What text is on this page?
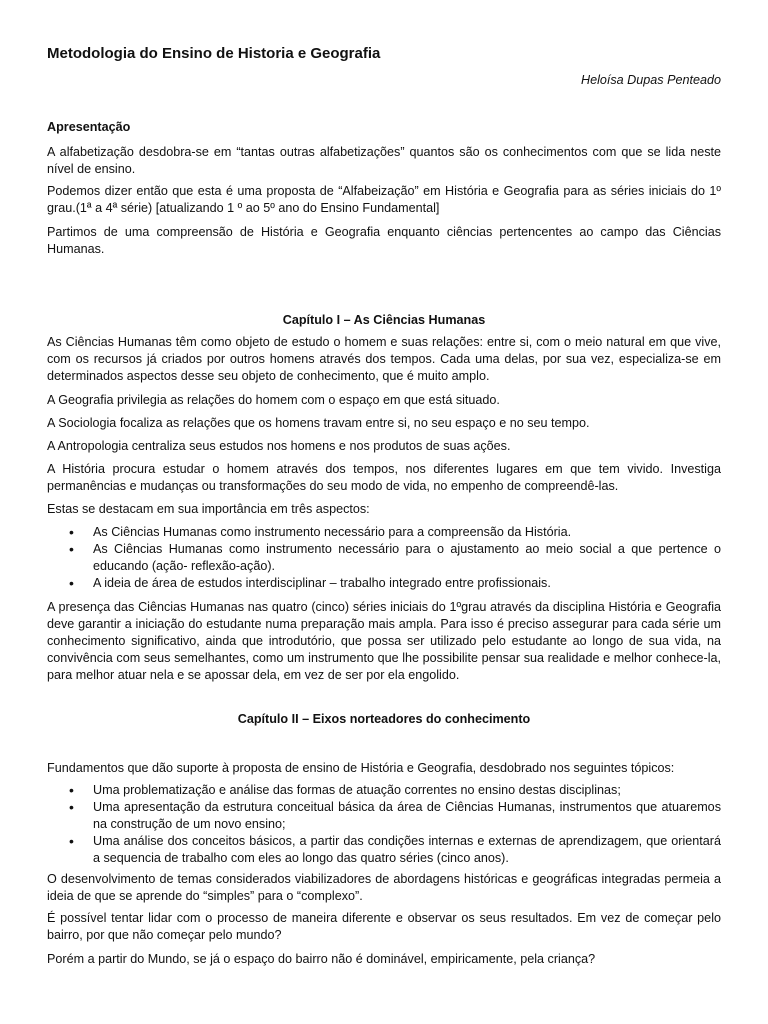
Metodologia do Ensino de Historia e Geografia

Heloísa Dupas Penteado

Apresentação

A alfabetização desdobra-se em “tantas outras alfabetizações” quantos são os conhecimentos com que se lida neste nível de ensino.

Podemos dizer então que esta é uma proposta de “Alfabeização” em História e Geografia para as séries iniciais do 1º grau.(1ª a 4ª série) [atualizando 1 º ao 5º ano do Ensino Fundamental]

Partimos de uma compreensão de História e Geografia enquanto ciências pertencentes ao campo das Ciências Humanas.

Capítulo I – As Ciências Humanas

As Ciências Humanas têm como objeto de estudo o homem e suas relações: entre si, com o meio natural em que vive, com os recursos já criados por outros homens através dos tempos. Cada uma delas, por sua vez, especializa-se em determinados aspectos desse seu objeto de conhecimento, que é muito amplo.

A Geografia privilegia as relações do homem com o espaço em que está situado.

A Sociologia focaliza as relações que os homens travam entre si, no seu espaço e no seu tempo.

A Antropologia centraliza seus estudos nos homens e nos produtos de suas ações.

A História procura estudar o homem através dos tempos, nos diferentes lugares em que tem vivido. Investiga permanências e mudanças ou transformações do seu modo de vida, no empenho de compreendê-las.

Estas se destacam em sua importância em três aspectos:

• As Ciências Humanas como instrumento necessário para a compreensão da História.
• As Ciências Humanas como instrumento necessário para o ajustamento ao meio social a que pertence o educando (ação- reflexão-ação).
• A ideia de área de estudos interdisciplinar – trabalho integrado entre profissionais.

A presença das Ciências Humanas nas quatro (cinco) séries iniciais do 1ºgrau através da disciplina História e Geografia deve garantir a iniciação do estudante numa preparação mais ampla. Para isso é preciso assegurar para cada série um conhecimento significativo, ainda que introdutório, que possa ser utilizado pelo estudante ao longo de sua vida, na convivência com seus semelhantes, como um instrumento que lhe possibilite pensar sua realidade e melhor conhece-la, para melhor atuar nela e se apossar dela, em vez de ser por ela engolido.

Capítulo II – Eixos norteadores do conhecimento

Fundamentos que dão suporte à proposta de ensino de História e Geografia, desdobrado nos seguintes tópicos:

• Uma problematização e análise das formas de atuação correntes no ensino destas disciplinas;
• Uma apresentação da estrutura conceitual básica da área de Ciências Humanas, instrumentos que atuaremos na construção de um novo ensino;
• Uma análise dos conceitos básicos, a partir das condições internas e externas de aprendizagem, que orientará a sequencia de trabalho com eles ao longo das quatro séries (cinco anos).

O desenvolvimento de temas considerados viabilizadores de abordagens históricas e geográficas integradas permeia a ideia de que se aprende do “simples” para o “complexo”.

É possível tentar lidar com o processo de maneira diferente e observar os seus resultados. Em vez de começar pelo bairro, por que não começar pelo mundo?

Porém a partir do Mundo, se já o espaço do bairro não é dominável, empiricamente, pela criança?
